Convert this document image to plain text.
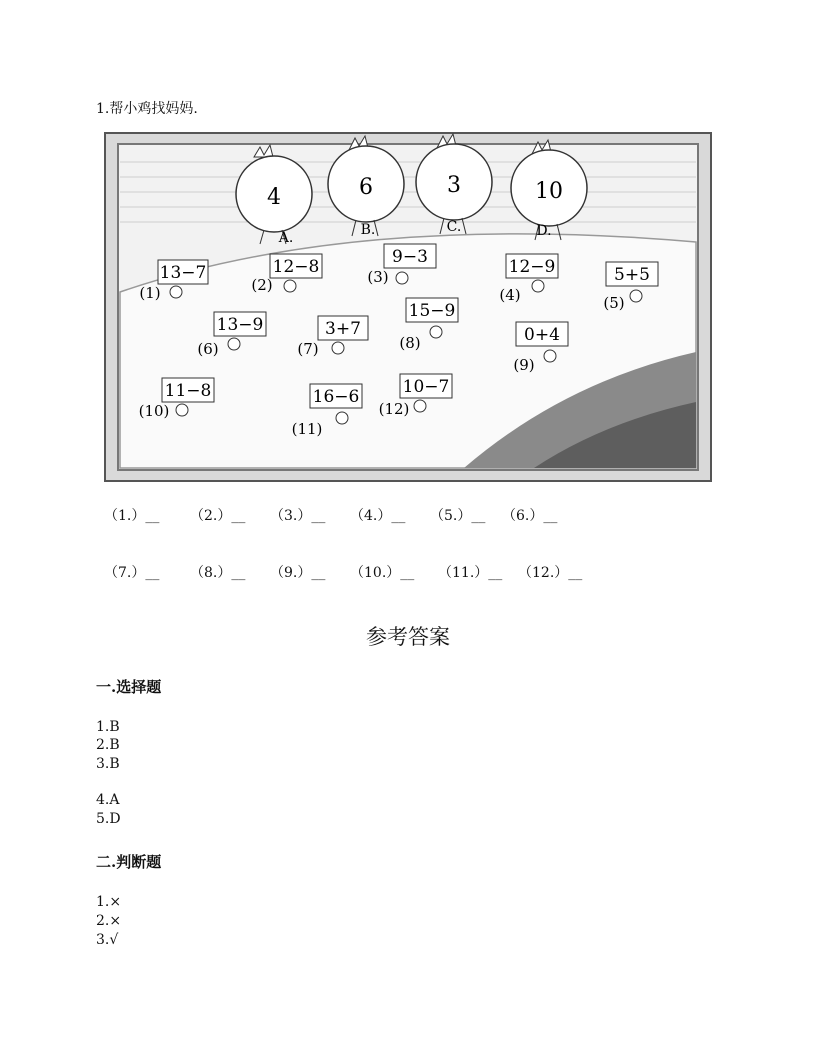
1.帮小鸡找妈妈.
4
A.
6
B.
3
C.
10
D.
13−7
(1)
12−8
(2)
9−3
(3)	12−9
(4)
5+5
(5)
13−9
(6)
3+7
(7)
15−9
(8)	0+4
(9)
11−8
(10)
16−6
(11)
10−7
(12)
（1.）__ （2.）__ （3.）__ （4.）__ （5.）__ （6.）__
（7.）__ （8.）__ （9.）__ （10.）__ （11.）__ （12.）__
参考答案
一.选择题
1.B
2.B
3.B
4.A
5.D
二.判断题
1.×
2.×
3.√
